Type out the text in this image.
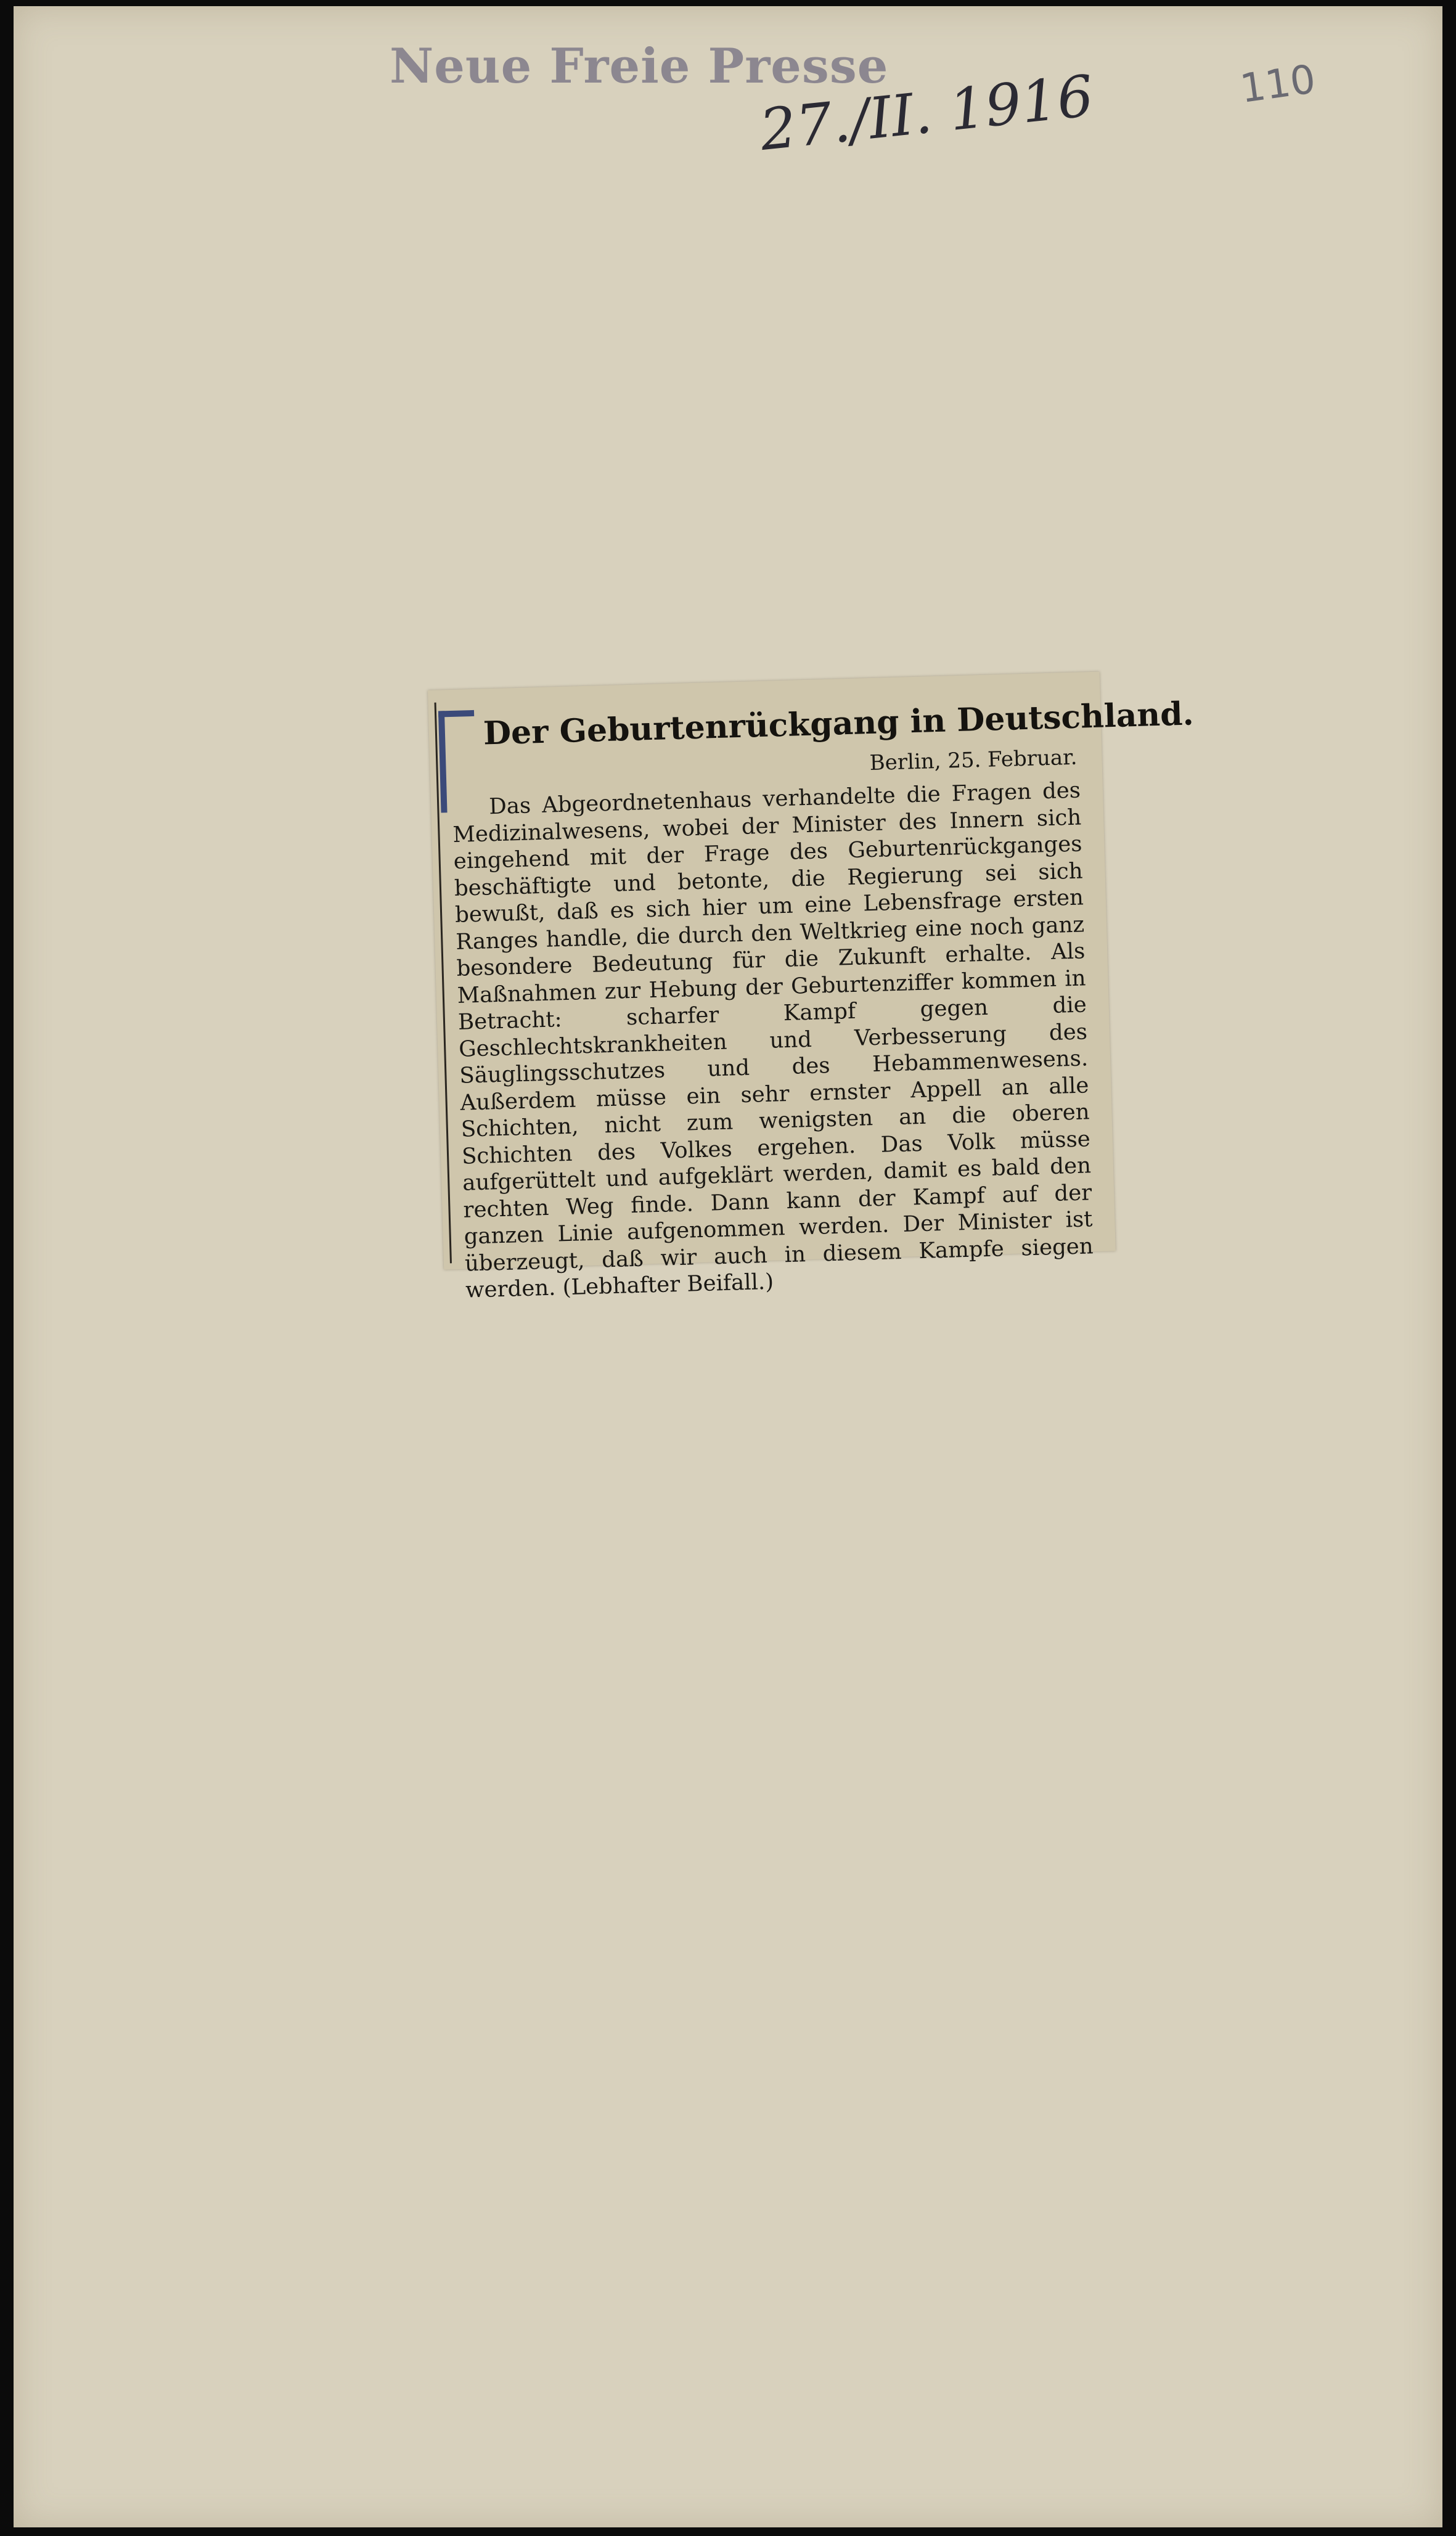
Neue Freie Presse
27./II. 1916	110
Der Geburtenrückgang in Deutschland.
Berlin, 25. Februar.
Das Abgeordnetenhaus verhandelte die Fragen des Medizinalwesens, wobei der Minister des Innern sich eingehend mit der Frage des Geburtenrückganges beschäftigte und betonte, die Regierung sei sich bewußt, daß es sich hier um eine Lebensfrage ersten Ranges handle, die durch den Weltkrieg eine noch ganz besondere Bedeutung für die Zukunft erhalte. Als Maßnahmen zur Hebung der Geburtenziffer kommen in Betracht: scharfer Kampf gegen die Geschlechtskrankheiten und Verbesserung des Säuglingsschutzes und des Hebammenwesens. Außerdem müsse ein sehr ernster Appell an alle Schichten, nicht zum wenigsten an die oberen Schichten des Volkes ergehen. Das Volk müsse aufgerüttelt und aufgeklärt werden, damit es bald den rechten Weg finde. Dann kann der Kampf auf der ganzen Linie aufgenommen werden. Der Minister ist überzeugt, daß wir auch in diesem Kampfe siegen werden. (Lebhafter Beifall.)
